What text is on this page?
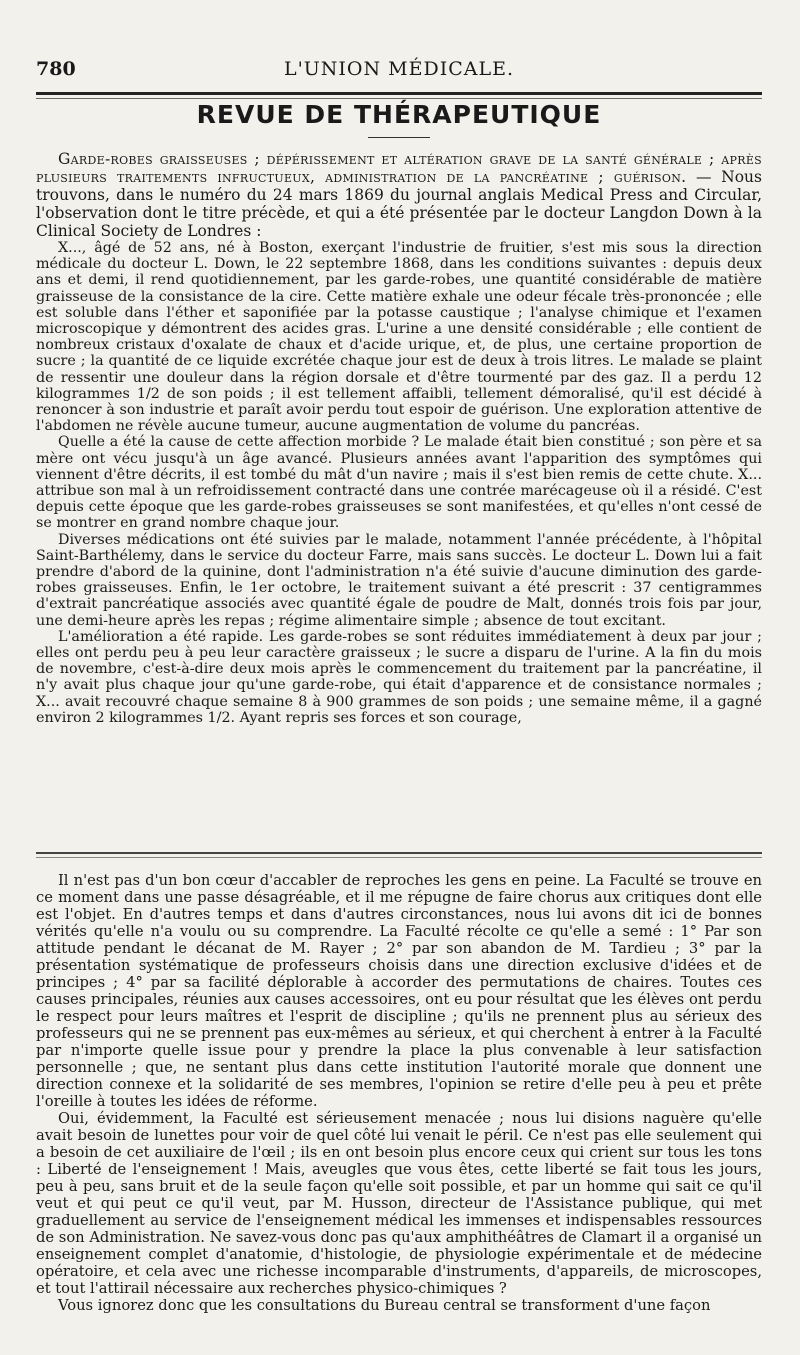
780	L'UNION MÉDICALE.
REVUE DE THÉRAPEUTIQUE

Garde-robes graisseuses ; dépérissement et altération grave de la santé générale ; après plusieurs traitements infructueux, administration de la pancréatine ; guérison. — Nous trouvons, dans le numéro du 24 mars 1869 du journal anglais Medical Press and Circular, l'observation dont le titre précède, et qui a été présentée par le docteur Langdon Down à la Clinical Society de Londres :

X..., âgé de 52 ans, né à Boston, exerçant l'industrie de fruitier, s'est mis sous la direction médicale du docteur L. Down, le 22 septembre 1868, dans les conditions suivantes : depuis deux ans et demi, il rend quotidiennement, par les garde-robes, une quantité considérable de matière graisseuse de la consistance de la cire. Cette matière exhale une odeur fécale très-prononcée ; elle est soluble dans l'éther et saponifiée par la potasse caustique ; l'analyse chimique et l'examen microscopique y démontrent des acides gras. L'urine a une densité considérable ; elle contient de nombreux cristaux d'oxalate de chaux et d'acide urique, et, de plus, une certaine proportion de sucre ; la quantité de ce liquide excrétée chaque jour est de deux à trois litres. Le malade se plaint de ressentir une douleur dans la région dorsale et d'être tourmenté par des gaz. Il a perdu 12 kilogrammes 1/2 de son poids ; il est tellement affaibli, tellement démoralisé, qu'il est décidé à renoncer à son industrie et paraît avoir perdu tout espoir de guérison. Une exploration attentive de l'abdomen ne révèle aucune tumeur, aucune augmentation de volume du pancréas.

Quelle a été la cause de cette affection morbide ? Le malade était bien constitué ; son père et sa mère ont vécu jusqu'à un âge avancé. Plusieurs années avant l'apparition des symptômes qui viennent d'être décrits, il est tombé du mât d'un navire ; mais il s'est bien remis de cette chute. X... attribue son mal à un refroidissement contracté dans une contrée marécageuse où il a résidé. C'est depuis cette époque que les garde-robes graisseuses se sont manifestées, et qu'elles n'ont cessé de se montrer en grand nombre chaque jour.

Diverses médications ont été suivies par le malade, notamment l'année précédente, à l'hôpital Saint-Barthélemy, dans le service du docteur Farre, mais sans succès. Le docteur L. Down lui a fait prendre d'abord de la quinine, dont l'administration n'a été suivie d'aucune diminution des garde-robes graisseuses. Enfin, le 1er octobre, le traitement suivant a été prescrit : 37 centigrammes d'extrait pancréatique associés avec quantité égale de poudre de Malt, donnés trois fois par jour, une demi-heure après les repas ; régime alimentaire simple ; absence de tout excitant.

L'amélioration a été rapide. Les garde-robes se sont réduites immédiatement à deux par jour ; elles ont perdu peu à peu leur caractère graisseux ; le sucre a disparu de l'urine. A la fin du mois de novembre, c'est-à-dire deux mois après le commencement du traitement par la pancréatine, il n'y avait plus chaque jour qu'une garde-robe, qui était d'apparence et de consistance normales ; X... avait recouvré chaque semaine 8 à 900 grammes de son poids ; une semaine même, il a gagné environ 2 kilogrammes 1/2. Ayant repris ses forces et son courage,

Il n'est pas d'un bon cœur d'accabler de reproches les gens en peine. La Faculté se trouve en ce moment dans une passe désagréable, et il me répugne de faire chorus aux critiques dont elle est l'objet. En d'autres temps et dans d'autres circonstances, nous lui avons dit ici de bonnes vérités qu'elle n'a voulu ou su comprendre. La Faculté récolte ce qu'elle a semé : 1° Par son attitude pendant le décanat de M. Rayer ; 2° par son abandon de M. Tardieu ; 3° par la présentation systématique de professeurs choisis dans une direction exclusive d'idées et de principes ; 4° par sa facilité déplorable à accorder des permutations de chaires. Toutes ces causes principales, réunies aux causes accessoires, ont eu pour résultat que les élèves ont perdu le respect pour leurs maîtres et l'esprit de discipline ; qu'ils ne prennent plus au sérieux des professeurs qui ne se prennent pas eux-mêmes au sérieux, et qui cherchent à entrer à la Faculté par n'importe quelle issue pour y prendre la place la plus convenable à leur satisfaction personnelle ; que, ne sentant plus dans cette institution l'autorité morale que donnent une direction connexe et la solidarité de ses membres, l'opinion se retire d'elle peu à peu et prête l'oreille à toutes les idées de réforme.

Oui, évidemment, la Faculté est sérieusement menacée ; nous lui disions naguère qu'elle avait besoin de lunettes pour voir de quel côté lui venait le péril. Ce n'est pas elle seulement qui a besoin de cet auxiliaire de l'œil ; ils en ont besoin plus encore ceux qui crient sur tous les tons : Liberté de l'enseignement ! Mais, aveugles que vous êtes, cette liberté se fait tous les jours, peu à peu, sans bruit et de la seule façon qu'elle soit possible, et par un homme qui sait ce qu'il veut et qui peut ce qu'il veut, par M. Husson, directeur de l'Assistance publique, qui met graduellement au service de l'enseignement médical les immenses et indispensables ressources de son Administration. Ne savez-vous donc pas qu'aux amphithéâtres de Clamart il a organisé un enseignement complet d'anatomie, d'histologie, de physiologie expérimentale et de médecine opératoire, et cela avec une richesse incomparable d'instruments, d'appareils, de microscopes, et tout l'attirail nécessaire aux recherches physico-chimiques ?

Vous ignorez donc que les consultations du Bureau central se transforment d'une façon
